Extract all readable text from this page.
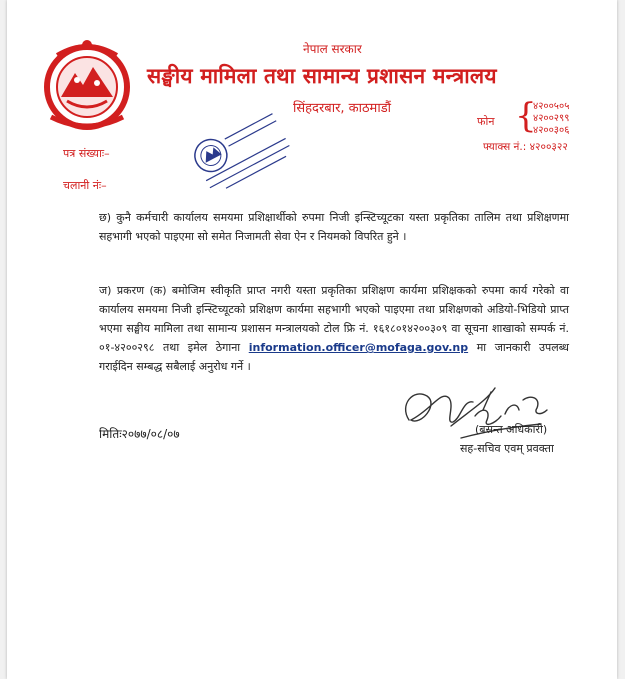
नेपाल सरकार
सङ्घीय मामिला तथा सामान्य प्रशासन मन्त्रालय
सिंहदरबार, काठमाडौं
फोन {
४२००५०५
४२००२९९
४२००३०६
फ्याक्स नं.: ४२००३२२
पत्र संख्याः–
चलानी नंः–
छ) कुनै कर्मचारी कार्यालय समयमा प्रशिक्षार्थीको रुपमा निजी इन्स्टिच्यूटका यस्ता प्रकृतिका तालिम तथा प्रशिक्षणमा सहभागी भएको पाइएमा सो समेत निजामती सेवा ऐन र नियमको विपरित हुने ।
ज) प्रकरण (क) बमोजिम स्वीकृति प्राप्त नगरी यस्ता प्रकृतिका प्रशिक्षण कार्यमा प्रशिक्षकको रुपमा कार्य गरेको वा कार्यालय समयमा निजी इन्स्टिच्यूटको प्रशिक्षण कार्यमा सहभागी भएको पाइएमा तथा प्रशिक्षणको अडियो-भिडियो प्राप्त भएमा सङ्घीय मामिला तथा सामान्य प्रशासन मन्त्रालयको टोल फ्रि नं. १६१८०१४२००३०९ वा सूचना शाखाको सम्पर्क नं. ०१-४२००२९८ तथा इमेल ठेगाना information.officer@mofaga.gov.np मा जानकारी उपलब्ध गराईदिन सम्बद्ध सबैलाई अनुरोध गर्ने ।
मितिः२०७७/०८/०७	(बसन्त अधिकारी)
सह-सचिव एवम् प्रवक्ता
